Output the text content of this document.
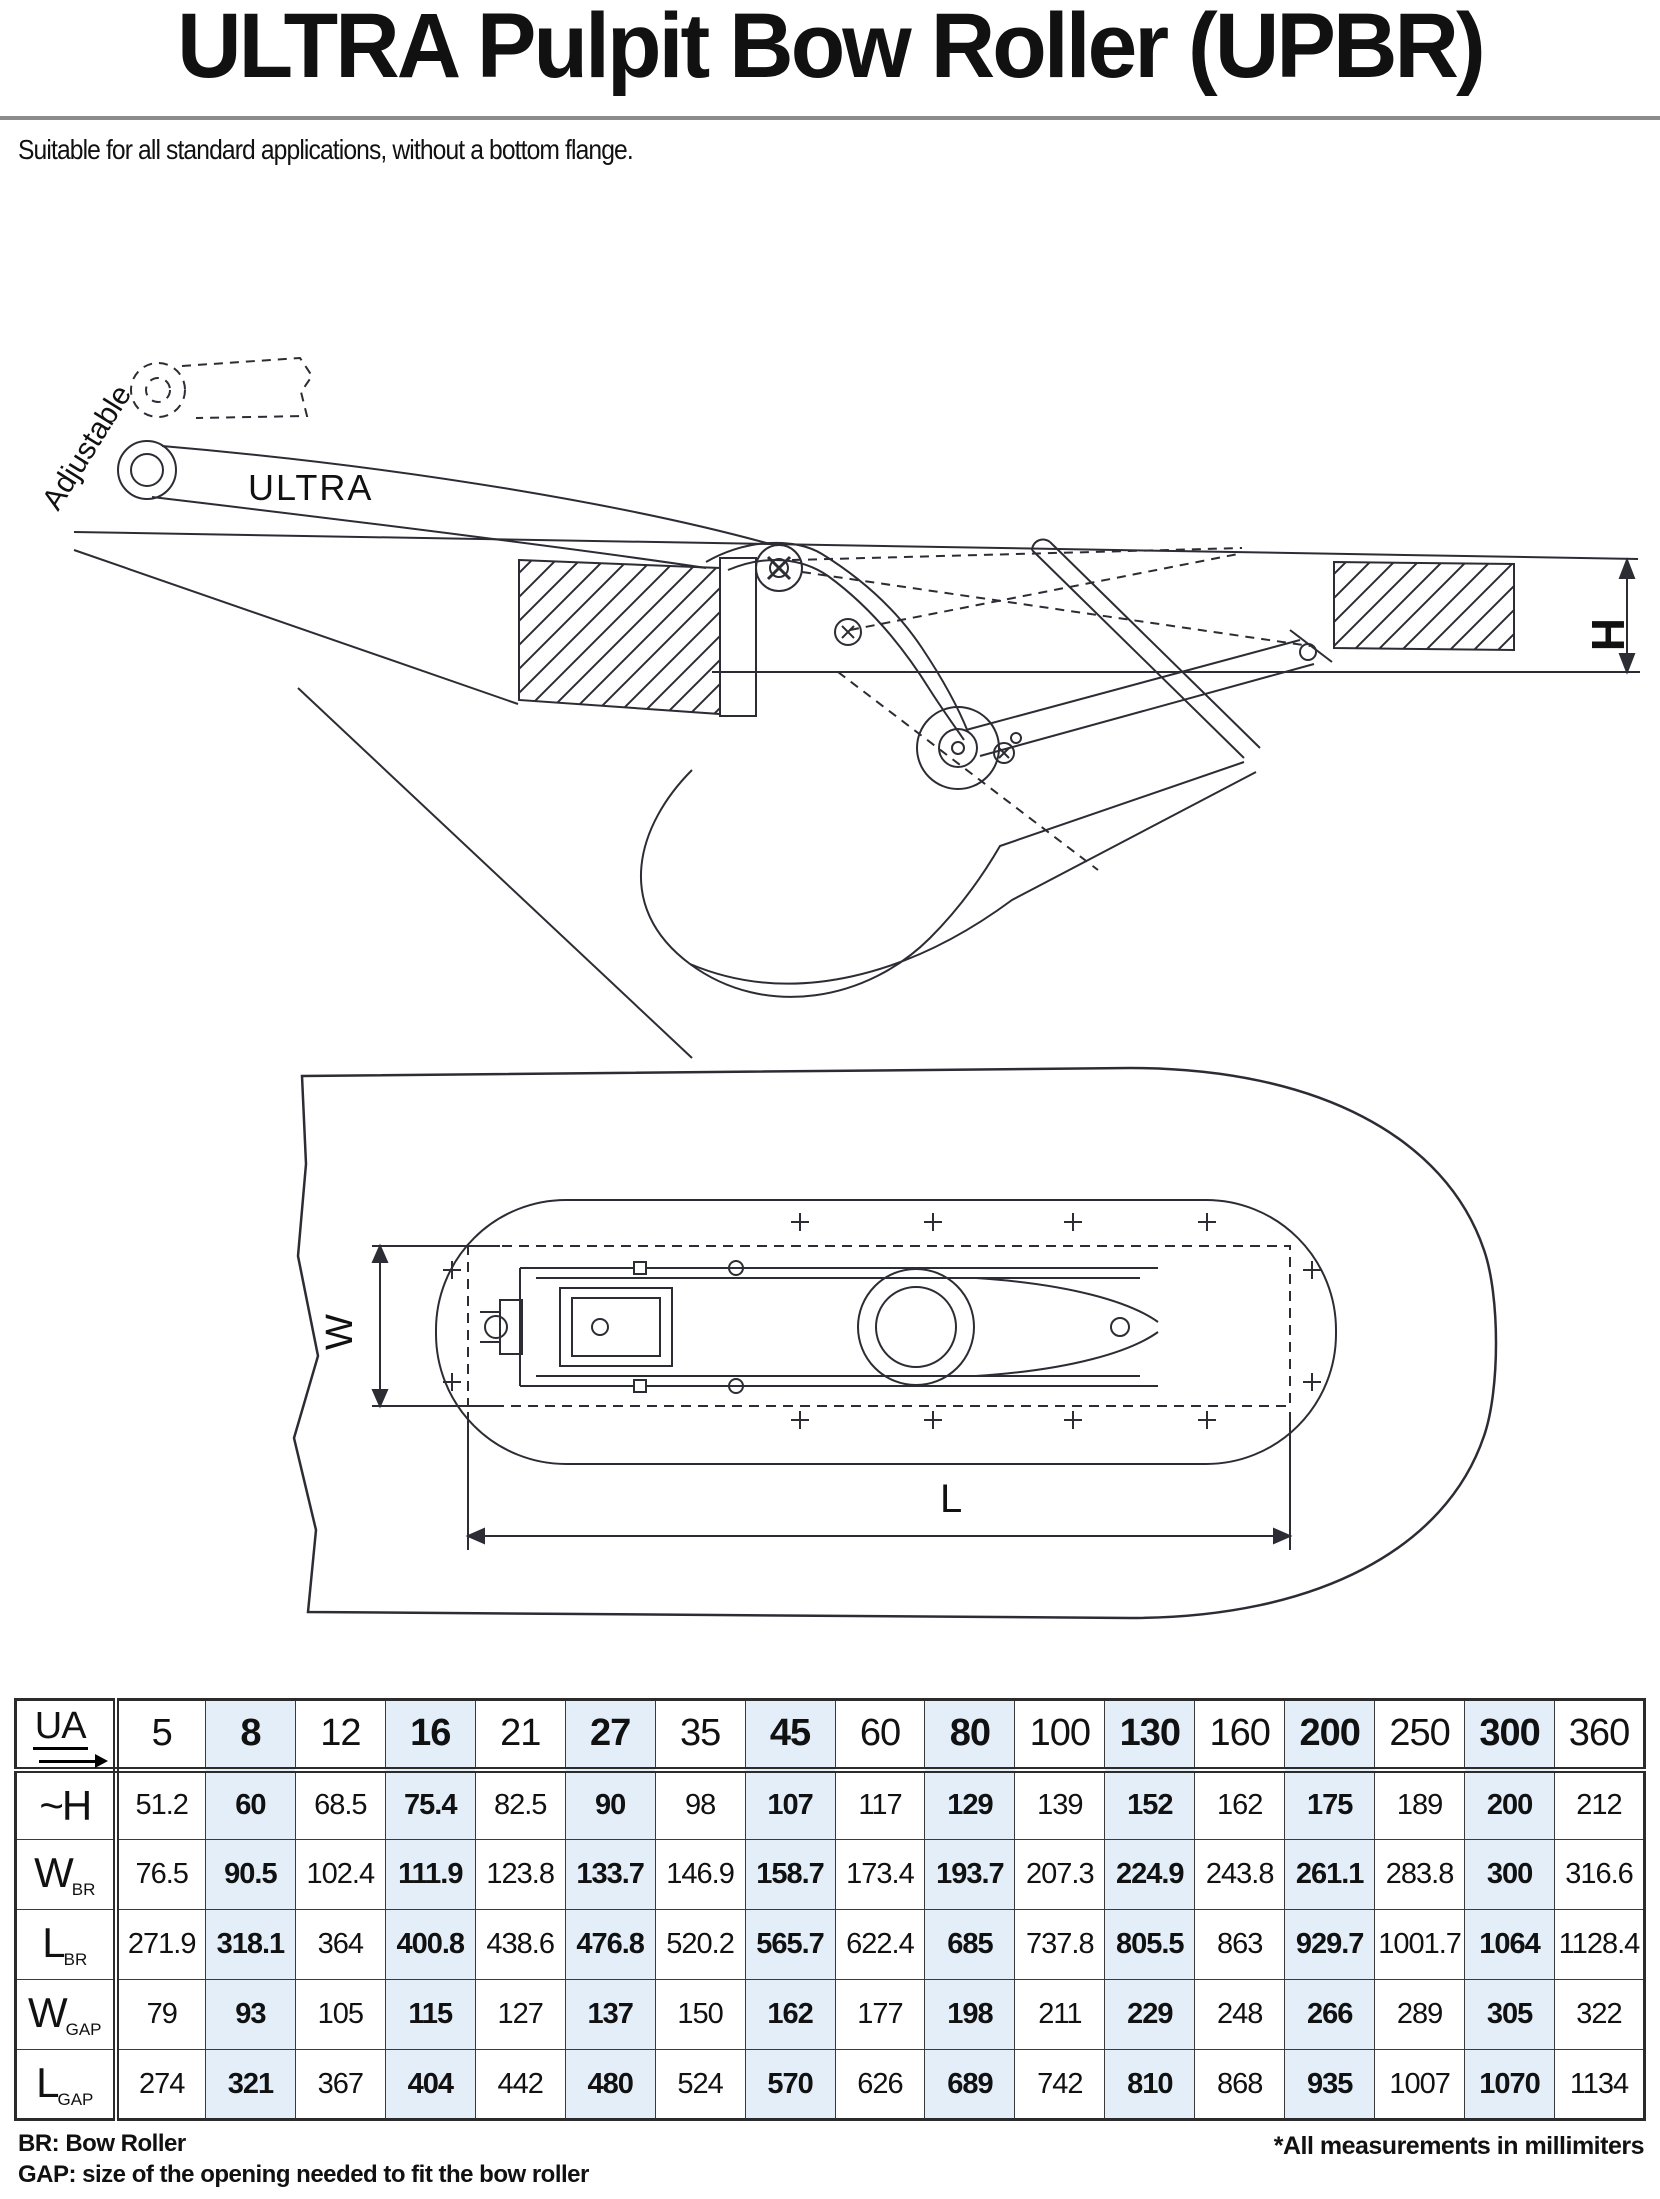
ULTRA Pulpit Bow Roller (UPBR)
Suitable for all standard applications, without a bottom flange.
Adjustable	ULTRA
H
W
L
UA	5	8	12	16	21	27	35	45	60	80	100	130	160	200	250	300	360
~H	51.2	60	68.5	75.4	82.5	90	98	107	117	129	139	152	162	175	189	200	212
$W_{BR}$	76.5	90.5	102.4	111.9	123.8	133.7	146.9	158.7	173.4	193.7	207.3	224.9	243.8	261.1	283.8	300	316.6
$L_{BR}$	271.9	318.1	364	400.8	438.6	476.8	520.2	565.7	622.4	685	737.8	805.5	863	929.7	1001.7	1064	1128.4
$W_{GAP}$	79	93	105	115	127	137	150	162	177	198	211	229	248	266	289	305	322
$L_{GAP}$	274	321	367	404	442	480	524	570	626	689	742	810	868	935	1007	1070	1134
BR: Bow Roller
GAP: size of the opening needed to fit the bow roller
*All measurements in millimiters
